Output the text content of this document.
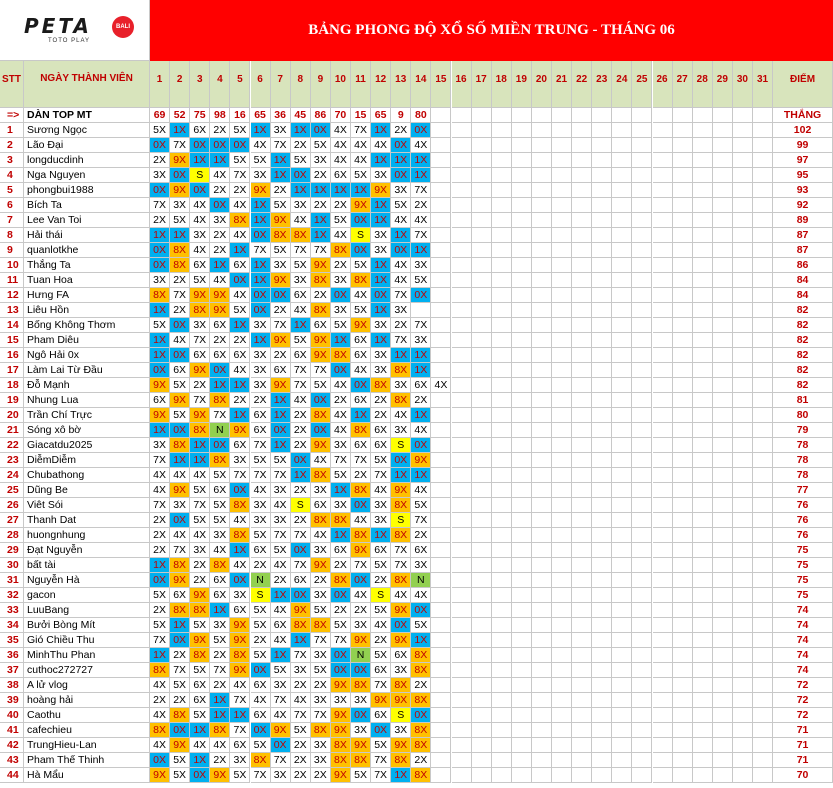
PETA	BALI
TOTO PLAY
BẢNG PHONG ĐỘ XỔ SỐ MIỀN TRUNG - THÁNG 06
STT	NGÀY THÀNH VIÊN	1	2	3	4	5	6	7	8	9	10 11 12 13 14 15 16 17 18 19 20 21 22 23 24 25 26 27 28 29 30 31	ĐIỂM
=> DÀN TOP MT	69 52 75 98 16 65 36 45 86 70 15 65	9	80	THẮNG
1	Sương Ngọc	5X 1X 6X 2X 5X 1X 3X 1X 0X 4X 7X 1X 2X 0X	102
2	Lão Đại	0X 7X 0X 0X 0X 4X 7X 2X 5X 4X 4X 4X 0X 4X	99
3	longducdinh	2X 9X 1X 1X 5X 5X 1X 5X 3X 4X 4X 1X 1X 1X	97
4	Nga Nguyen	3X 0X S 4X 7X 3X 1X 0X 2X 6X 5X 3X 0X 1X	95
5	phongbui1988	0X 9X 0X 2X 2X 9X 2X 1X 1X 1X 1X 9X 3X 7X	93
6	Bích Ta	7X 3X 4X 0X 4X 1X 5X 3X 2X 2X 9X 1X 5X 2X	92
7	Lee Van Toi	2X 5X 4X 3X 8X 1X 9X 4X 1X 5X 0X 1X 4X 4X	89
8	Hải thái	1X 1X 3X 2X 4X 0X 8X 8X 1X 4X S 3X 1X 7X	87
9	quanlotkhe	0X 8X 4X 2X 1X 7X 5X 7X 7X 8X 0X 3X 0X 1X	87
10 Thắng Ta	0X 8X 6X 1X 6X 1X 3X 5X 9X 2X 5X 1X 4X 3X	86
11 Tuan Hoa	3X 2X 5X 4X 0X 1X 9X 3X 8X 3X 8X 1X 4X 5X	84
12 Hưng FA	8X 7X 9X 9X 4X 0X 0X 6X 2X 0X 4X 0X 7X 0X	84
13 Liêu Hồn	1X 2X 8X 9X 5X 0X 2X 4X 8X 3X 5X 1X 3X	82
14 Bống Không Thơm	5X 0X 3X 6X 1X 3X 7X 1X 6X 5X 9X 3X 2X 7X	82
15 Pham Diêu	1X 4X 7X 2X 2X 1X 9X 5X 9X 1X 6X 1X 7X 3X	82
16 Ngô Hải 0x	1X 0X 6X 6X 6X 3X 2X 6X 9X 8X 6X 3X 1X 1X	82
17 Làm Lai Từ Đầu	0X 6X 9X 0X 4X 3X 6X 7X 7X 0X 4X 3X 8X 1X	82
18 Đỗ Mạnh	9X 5X 2X 1X 1X 3X 9X 7X 5X 4X 0X 8X 3X 6X 4X	82
19 Nhung Lua	6X 9X 7X 8X 2X 2X 1X 4X 0X 2X 6X 2X 8X 2X	81
20 Trần Chí Trực	9X 5X 9X 7X 1X 6X 1X 2X 8X 4X 1X 2X 4X 1X	80
21 Sóng xô bờ	1X 0X 8X N 9X 6X 0X 2X 0X 4X 8X 6X 3X 4X	79
22 Giacatdu2025	3X 8X 1X 0X 6X 7X 1X 2X 9X 3X 6X 6X S 0X	78
23 DiễmDiễm	7X 1X 1X 8X 3X 5X 5X 0X 4X 7X 7X 5X 0X 9X	78
24 Chubathong	4X 4X 4X 5X 7X 7X 7X 1X 8X 5X 2X 7X 1X 1X	78
25 Dũng Be	4X 9X 5X 6X 0X 4X 3X 2X 3X 1X 8X 4X 9X 4X	77
26 Viêt Sói	7X 3X 7X 5X 8X 3X 4X S 6X 3X 0X 3X 8X 5X	76
27 Thanh Dat	2X 0X 5X 5X 4X 3X 3X 2X 8X 8X 4X 3X S 7X	76
28 huongnhung	2X 4X 4X 3X 8X 5X 7X 7X 4X 1X 8X 1X 8X 2X	76
29 Đạt Nguyễn	2X 7X 3X 4X 1X 6X 5X 0X 3X 6X 9X 6X 7X 6X	75
30 bất tài	1X 8X 2X 8X 4X 2X 4X 7X 9X 2X 7X 5X 7X 3X	75
31 Nguyễn Hà	0X 9X 2X 6X 0X N 2X 6X 2X 8X 0X 2X 8X N	75
32 gacon	5X 6X 9X 6X 3X S 1X 0X 3X 0X 4X S 4X 4X	75
33 LuuBang	2X 8X 8X 1X 6X 5X 4X 9X 5X 2X 2X 5X 9X 0X	74
34 Bưởi Bòng Mít	5X 1X 5X 3X 9X 5X 6X 8X 8X 5X 3X 4X 0X 5X	74
35 Gió Chiều Thu	7X 0X 9X 5X 9X 2X 4X 1X 7X 7X 9X 2X 9X 1X	74
36 MinhThu Phan	1X 2X 8X 2X 8X 5X 1X 7X 3X 0X N 5X 6X 8X	74
37 cuthoc272727	8X 7X 5X 7X 9X 0X 5X 3X 5X 0X 0X 6X 3X 8X	74
38 A lử vlog	4X 5X 6X 2X 4X 6X 3X 2X 2X 9X 8X 7X 8X 2X	72
39 hoàng hải	2X 2X 6X 1X 7X 4X 7X 4X 3X 3X 3X 9X 9X 8X	72
40 Caothu	4X 8X 5X 1X 1X 6X 4X 7X 7X 9X 0X 6X S 0X	72
41 cafechieu	8X 0X 1X 8X 7X 0X 9X 5X 8X 9X 3X 0X 3X 8X	71
42 TrungHieu-Lan	4X 9X 4X 4X 6X 5X 0X 2X 3X 8X 9X 5X 9X 8X	71
43 Pham Thế Thinh	0X 5X 1X 2X 3X 8X 7X 2X 3X 8X 8X 7X 8X 2X	71
44 Hà Mẩu	9X 5X 0X 9X 5X 7X 3X 2X 2X 9X 5X 7X 1X 8X	70
